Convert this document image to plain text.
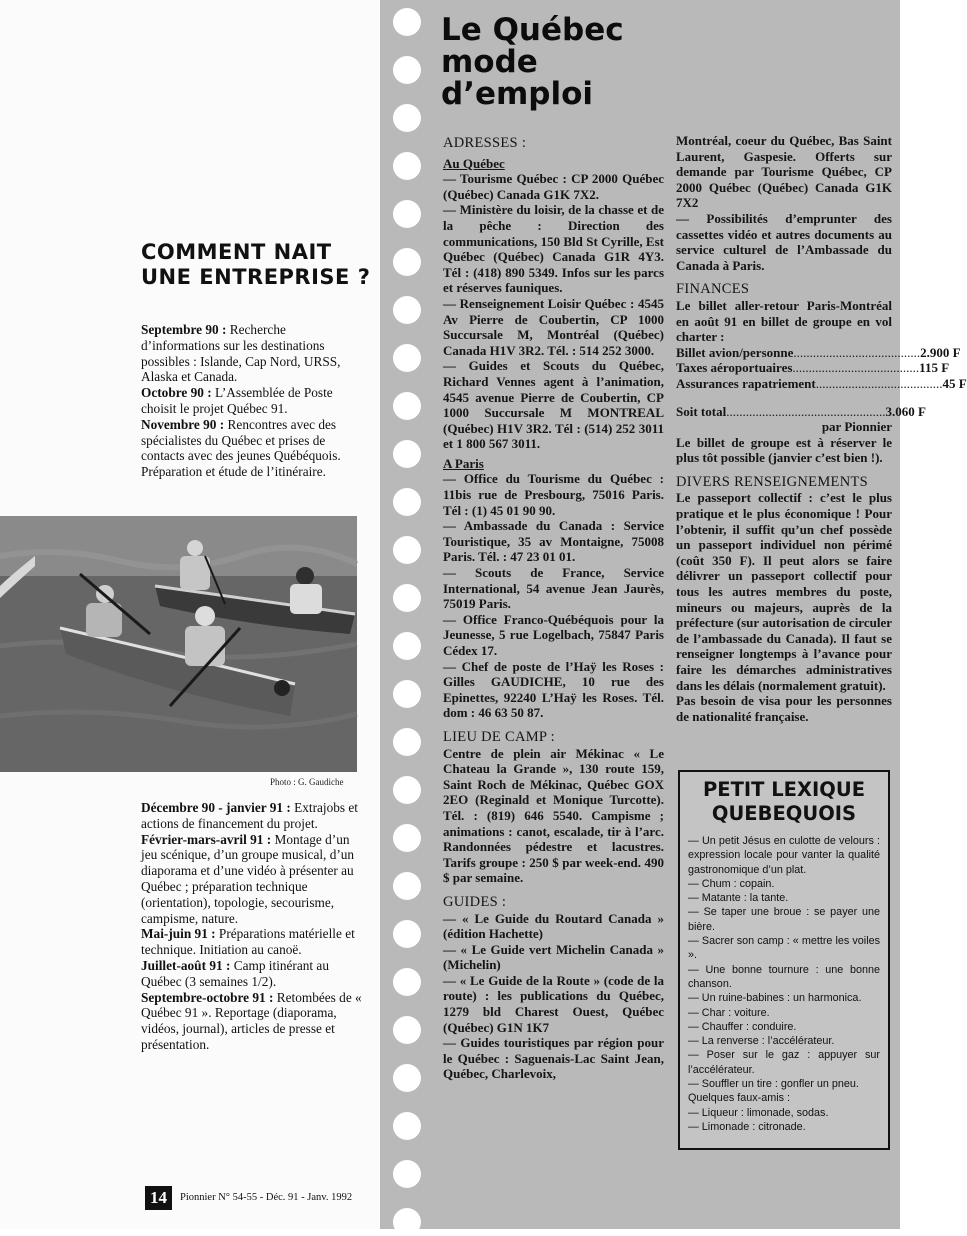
COMMENT NAIT UNE ENTREPRISE ?

Septembre 90 : Recherche d’informations sur les destinations possibles : Islande, Cap Nord, URSS, Alaska et Canada.

Octobre 90 : L’Assemblée de Poste choisit le projet Québec 91.

Novembre 90 : Rencontres avec des spécialistes du Québec et prises de contacts avec des jeunes Québéquois. Préparation et étude de l’itinéraire.

Photo : G. Gaudiche

Décembre 90 - janvier 91 : Extrajobs et actions de financement du projet.

Février-mars-avril 91 : Montage d’un jeu scénique, d’un groupe musical, d’un diaporama et d’une vidéo à présenter au Québec ; préparation technique (orientation), topologie, secourisme, campisme, nature.

Mai-juin 91 : Préparations matérielle et technique. Initiation au canoë.

Juillet-août 91 : Camp itinérant au Québec (3 semaines 1/2).

Septembre-octobre 91 : Retombées de « Québec 91 ». Reportage (diaporama, vidéos, journal), articles de presse et présentation.

14	Pionnier N° 54-55 - Déc. 91 - Janv. 1992
Le Québec
mode
d’emploi
ADRESSES :
Au Québec

— Tourisme Québec : CP 2000 Québec (Québec) Canada G1K 7X2.

— Ministère du loisir, de la chasse et de la pêche : Direction des communications, 150 Bld St Cyrille, Est Québec (Québec) Canada G1R 4Y3. Tél : (418) 890 5349. Infos sur les parcs et réserves fauniques.

— Renseignement Loisir Québec : 4545 Av Pierre de Coubertin, CP 1000 Succursale M, Montréal (Québec) Canada H1V 3R2. Tél. : 514 252 3000.

— Guides et Scouts du Québec, Richard Vennes agent à l’animation, 4545 avenue Pierre de Coubertin, CP 1000 Succursale M MONTREAL (Québec) H1V 3R2. Tél : (514) 252 3011 et 1 800 567 3011.

A Paris

— Office du Tourisme du Québec : 11bis rue de Presbourg, 75016 Paris. Tél : (1) 45 01 90 90.

— Ambassade du Canada : Service Touristique, 35 av Montaigne, 75008 Paris. Tél. : 47 23 01 01.

— Scouts de France, Service International, 54 avenue Jean Jaurès, 75019 Paris.

— Office Franco-Québéquois pour la Jeunesse, 5 rue Logelbach, 75847 Paris Cédex 17.

— Chef de poste de l’Haÿ les Roses : Gilles GAUDICHE, 10 rue des Epinettes, 92240 L’Haÿ les Roses. Tél. dom : 46 63 50 87.

LIEU DE CAMP :

Centre de plein air Mékinac « Le Chateau la Grande », 130 route 159, Saint Roch de Mékinac, Québec GOX 2EO (Reginald et Monique Turcotte). Tél. : (819) 646 5540. Campisme ; animations : canot, escalade, tir à l’arc. Randonnées pédestre et lacustres. Tarifs groupe : 250 $ par week-end. 490 $ par semaine.

GUIDES :

— « Le Guide du Routard Canada » (édition Hachette)

— « Le Guide vert Michelin Canada » (Michelin)

— « Le Guide de la Route » (code de la route) : les publications du Québec, 1279 bld Charest Ouest, Québec (Québec) G1N 1K7

— Guides touristiques par région pour le Québec : Saguenais-Lac Saint Jean, Québec, Charlevoix,

Montréal, coeur du Québec, Bas Saint Laurent, Gaspesie. Offerts sur demande par Tourisme Québec, CP 2000 Québec (Québec) Canada G1K 7X2

— Possibilités d’emprunter des cassettes vidéo et autres documents au service culturel de l’Ambassade du Canada à Paris.

FINANCES

Le billet aller-retour Paris-Montréal en août 91 en billet de groupe en vol charter :

Billet avion/personne ....................................... 2.900 F
Taxes aéroportuaires ....................................... 115 F
Assurances rapatriement ....................................... 45 F
Soit total ................................................. 3.060 F

par Pionnier

Le billet de groupe est à réserver le plus tôt possible (janvier c’est bien !).

DIVERS RENSEIGNEMENTS

Le passeport collectif : c’est le plus pratique et le plus économique ! Pour l’obtenir, il suffit qu’un chef possède un passeport individuel non périmé (coût 350 F). Il peut alors se faire délivrer un passeport collectif pour tous les autres membres du poste, mineurs ou majeurs, auprès de la préfecture (sur autorisation de circuler de l’ambassade du Canada). Il faut se renseigner longtemps à l’avance pour faire les démarches administratives dans les délais (normalement gratuit).

Pas besoin de visa pour les personnes de nationalité française.

PETIT LEXIQUE QUEBEQUOIS

— Un petit Jésus en culotte de velours : expression locale pour vanter la qualité gastronomique d’un plat.

— Chum : copain.

— Matante : la tante.

— Se taper une broue : se payer une bière.

— Sacrer son camp : « mettre les voiles ».

— Une bonne tournure : une bonne chanson.

— Un ruine-babines : un harmonica.

— Char : voiture.

— Chauffer : conduire.

— La renverse : l’accélérateur.

— Poser sur le gaz : appuyer sur l’accélérateur.

— Souffler un tire : gonfler un pneu.

Quelques faux-amis :

— Liqueur : limonade, sodas.

— Limonade : citronade.
